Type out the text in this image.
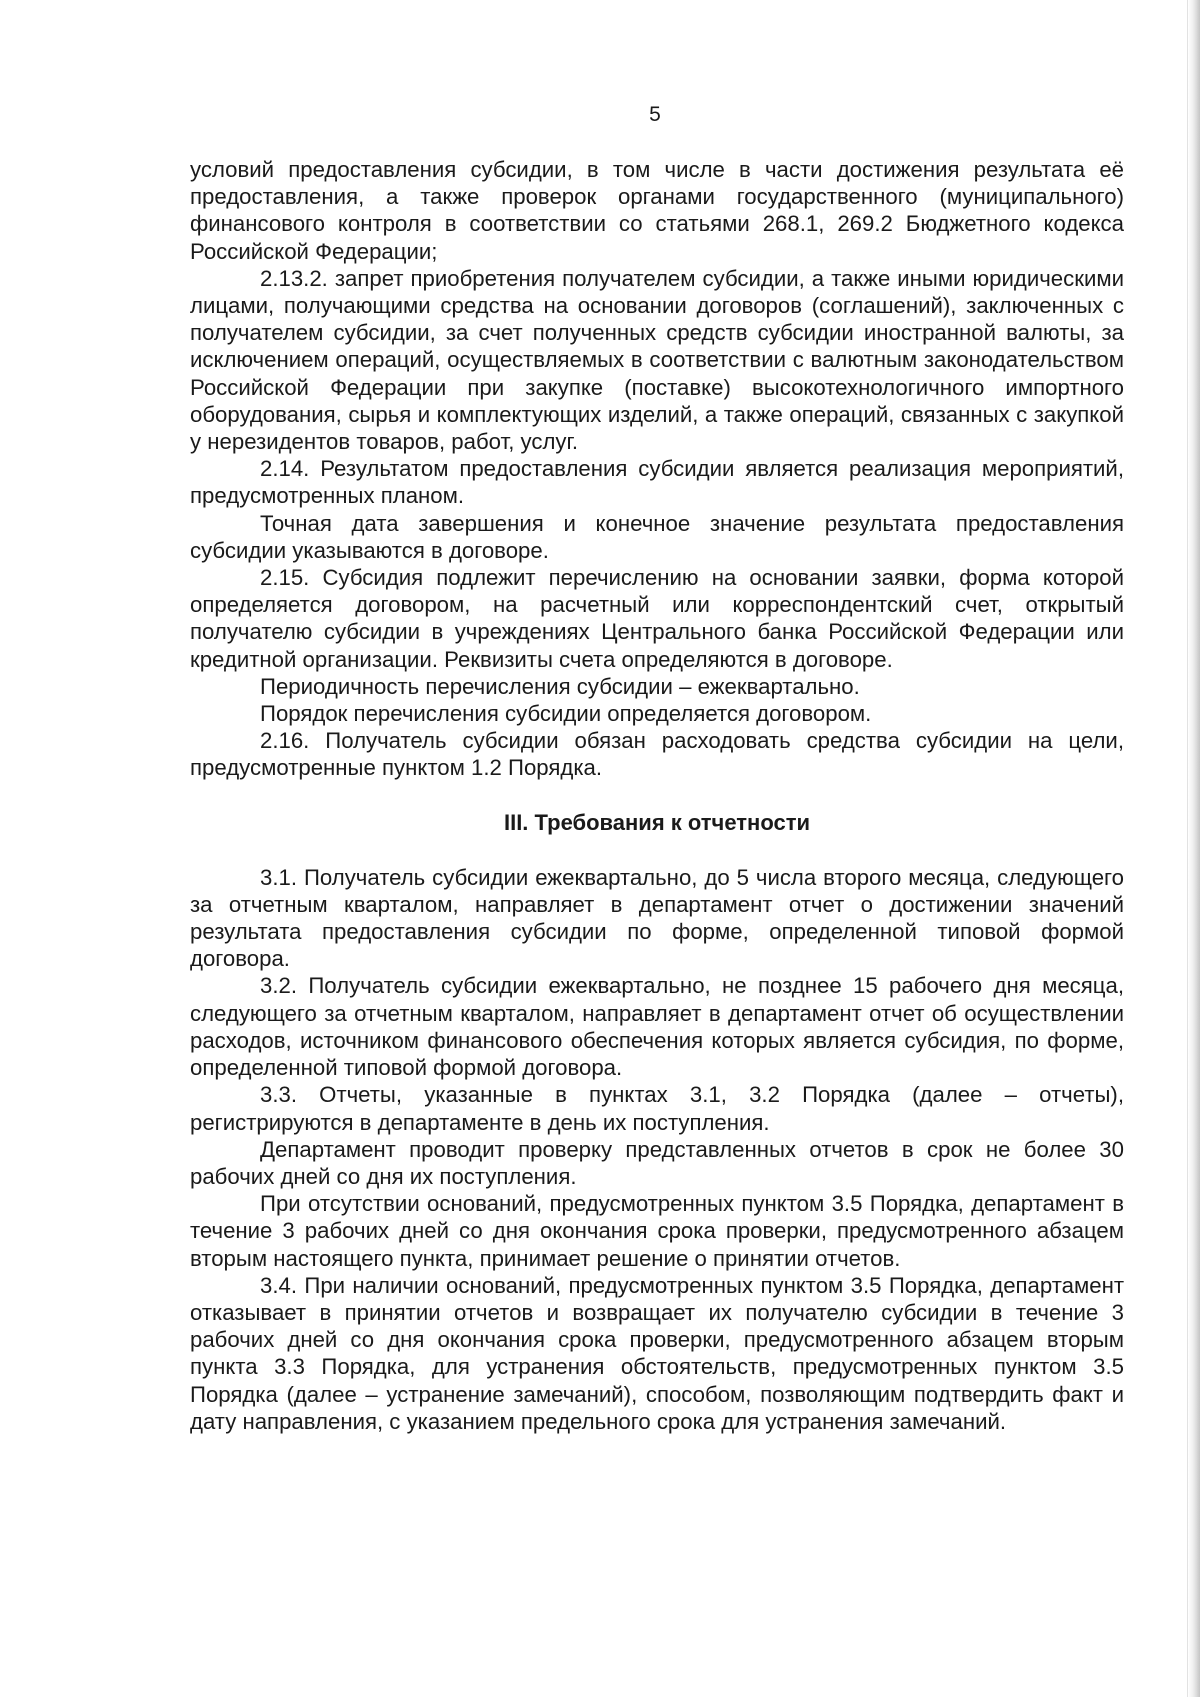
5

условий предоставления субсидии, в том числе в части достижения результата её предоставления, а также проверок органами государственного (муниципального) финансового контроля в соответствии со статьями 268.1, 269.2 Бюджетного кодекса Российской Федерации;

2.13.2. запрет приобретения получателем субсидии, а также иными юридическими лицами, получающими средства на основании договоров (соглашений), заключенных с получателем субсидии, за счет полученных средств субсидии иностранной валюты, за исключением операций, осуществляемых в соответствии с валютным законодательством Российской Федерации при закупке (поставке) высокотехнологичного импортного оборудования, сырья и комплектующих изделий, а также операций, связанных с закупкой у нерезидентов товаров, работ, услуг.

2.14. Результатом предоставления субсидии является реализация мероприятий, предусмотренных планом.

Точная дата завершения и конечное значение результата предоставления субсидии указываются в договоре.

2.15. Субсидия подлежит перечислению на основании заявки, форма которой определяется договором, на расчетный или корреспондентский счет, открытый получателю субсидии в учреждениях Центрального банка Российской Федерации или кредитной организации. Реквизиты счета определяются в договоре.

Периодичность перечисления субсидии – ежеквартально.

Порядок перечисления субсидии определяется договором.

2.16. Получатель субсидии обязан расходовать средства субсидии на цели, предусмотренные пунктом 1.2 Порядка.

III. Требования к отчетности

3.1. Получатель субсидии ежеквартально, до 5 числа второго месяца, следующего за отчетным кварталом, направляет в департамент отчет о достижении значений результата предоставления субсидии по форме, определенной типовой формой договора.

3.2. Получатель субсидии ежеквартально, не позднее 15 рабочего дня месяца, следующего за отчетным кварталом, направляет в департамент отчет об осуществлении расходов, источником финансового обеспечения которых является субсидия, по форме, определенной типовой формой договора.

3.3. Отчеты, указанные в пунктах 3.1, 3.2 Порядка (далее – отчеты), регистрируются в департаменте в день их поступления.

Департамент проводит проверку представленных отчетов в срок не более 30 рабочих дней со дня их поступления.

При отсутствии оснований, предусмотренных пунктом 3.5 Порядка, департамент в течение 3 рабочих дней со дня окончания срока проверки, предусмотренного абзацем вторым настоящего пункта, принимает решение о принятии отчетов.

3.4. При наличии оснований, предусмотренных пунктом 3.5 Порядка, департамент отказывает в принятии отчетов и возвращает их получателю субсидии в течение 3 рабочих дней со дня окончания срока проверки, предусмотренного абзацем вторым пункта 3.3 Порядка, для устранения обстоятельств, предусмотренных пунктом 3.5 Порядка (далее – устранение замечаний), способом, позволяющим подтвердить факт и дату направления, с указанием предельного срока для устранения замечаний.
